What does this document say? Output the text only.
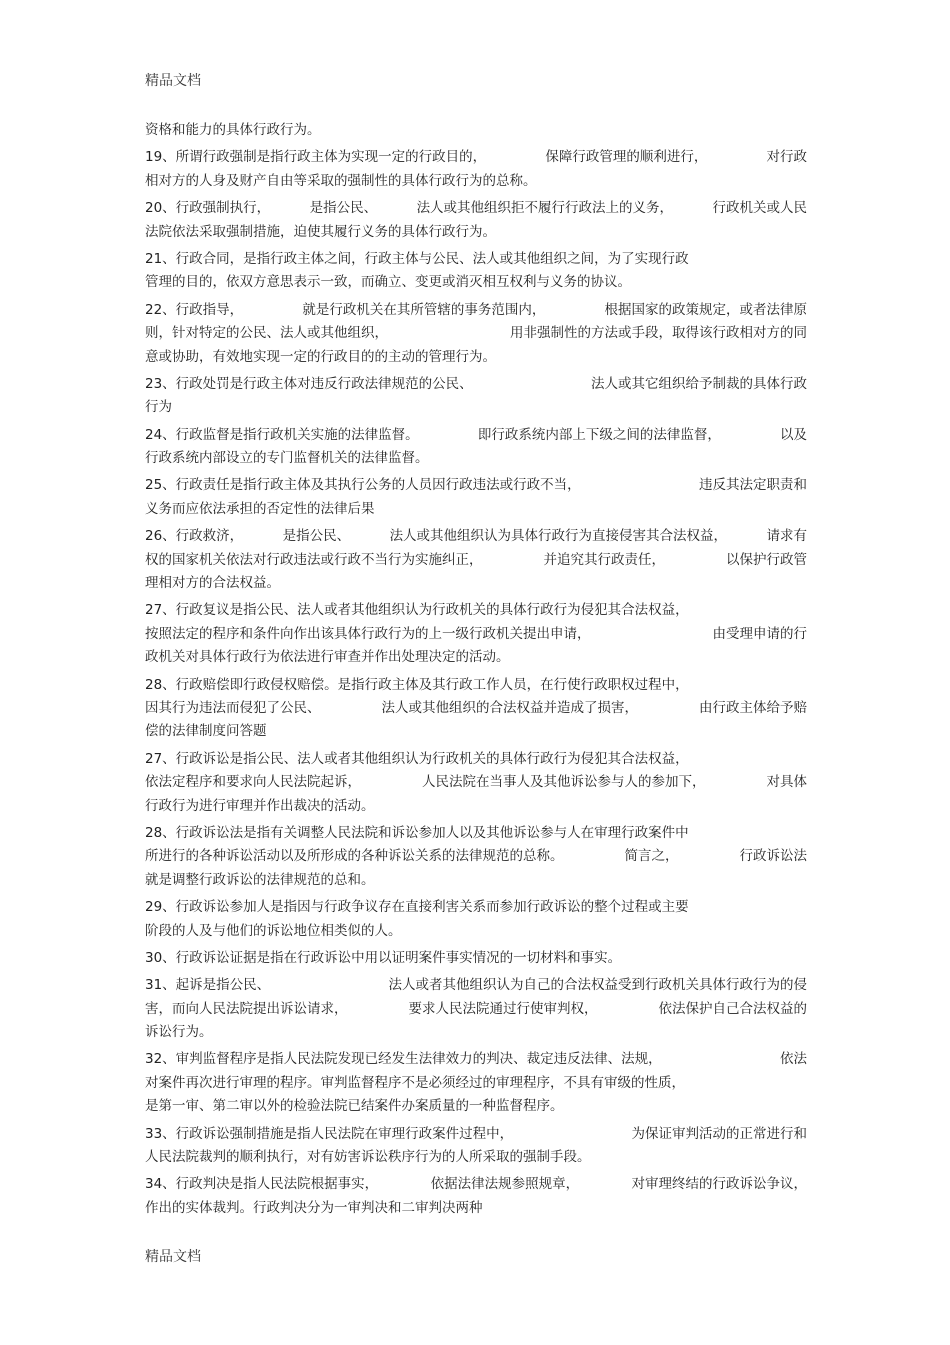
精品文档
资格和能力的具体行政行为。
19、所谓行政强制是指行政主体为实现一定的行政目的，	保障行政管理的顺利进行，	对行政
相对方的人身及财产自由等采取的强制性的具体行政行为的总称。
20、行政强制执行，	是指公民、	法人或其他组织拒不履行行政法上的义务，	行政机关或人民
法院依法采取强制措施，迫使其履行义务的具体行政行为。
21、行政合同，是指行政主体之间，行政主体与公民、法人或其他组织之间，为了实现行政
管理的目的，依双方意思表示一致，而确立、变更或消灭相互权利与义务的协议。
22、行政指导，	就是行政机关在其所管辖的事务范围内，	根据国家的政策规定，或者法律原
则，针对特定的公民、法人或其他组织，	用非强制性的方法或手段，取得该行政相对方的同
意或协助，有效地实现一定的行政目的的主动的管理行为。
23、行政处罚是行政主体对违反行政法律规范的公民、	法人或其它组织给予制裁的具体行政
行为
24、行政监督是指行政机关实施的法律监督。	即行政系统内部上下级之间的法律监督，	以及
行政系统内部设立的专门监督机关的法律监督。
25、行政责任是指行政主体及其执行公务的人员因行政违法或行政不当，	违反其法定职责和
义务而应依法承担的否定性的法律后果
26、行政救济，	是指公民、	法人或其他组织认为具体行政行为直接侵害其合法权益，	请求有
权的国家机关依法对行政违法或行政不当行为实施纠正，	并追究其行政责任，	以保护行政管
理相对方的合法权益。
27、行政复议是指公民、法人或者其他组织认为行政机关的具体行政行为侵犯其合法权益，
按照法定的程序和条件向作出该具体行政行为的上一级行政机关提出申请，	由受理申请的行
政机关对具体行政行为依法进行审查并作出处理决定的活动。
28、行政赔偿即行政侵权赔偿。是指行政主体及其行政工作人员，在行使行政职权过程中，
因其行为违法而侵犯了公民、	法人或其他组织的合法权益并造成了损害，	由行政主体给予赔
偿的法律制度问答题
27、行政诉讼是指公民、法人或者其他组织认为行政机关的具体行政行为侵犯其合法权益，
依法定程序和要求向人民法院起诉，	人民法院在当事人及其他诉讼参与人的参加下，	对具体
行政行为进行审理并作出裁决的活动。
28、行政诉讼法是指有关调整人民法院和诉讼参加人以及其他诉讼参与人在审理行政案件中
所进行的各种诉讼活动以及所形成的各种诉讼关系的法律规范的总称。	简言之，	行政诉讼法
就是调整行政诉讼的法律规范的总和。
29、行政诉讼参加人是指因与行政争议存在直接利害关系而参加行政诉讼的整个过程或主要
阶段的人及与他们的诉讼地位相类似的人。
30、行政诉讼证据是指在行政诉讼中用以证明案件事实情况的一切材料和事实。
31、起诉是指公民、	法人或者其他组织认为自己的合法权益受到行政机关具体行政行为的侵
害，而向人民法院提出诉讼请求，	要求人民法院通过行使审判权，	依法保护自己合法权益的
诉讼行为。
32、审判监督程序是指人民法院发现已经发生法律效力的判决、裁定违反法律、法规，	依法
对案件再次进行审理的程序。审判监督程序不是必须经过的审理程序，不具有审级的性质，
是第一审、第二审以外的检验法院已结案件办案质量的一种监督程序。
33、行政诉讼强制措施是指人民法院在审理行政案件过程中，	为保证审判活动的正常进行和
人民法院裁判的顺利执行，对有妨害诉讼秩序行为的人所采取的强制手段。
34、行政判决是指人民法院根据事实，	依据法律法规参照规章，	对审理终结的行政诉讼争议，
作出的实体裁判。行政判决分为一审判决和二审判决两种
精品文档
